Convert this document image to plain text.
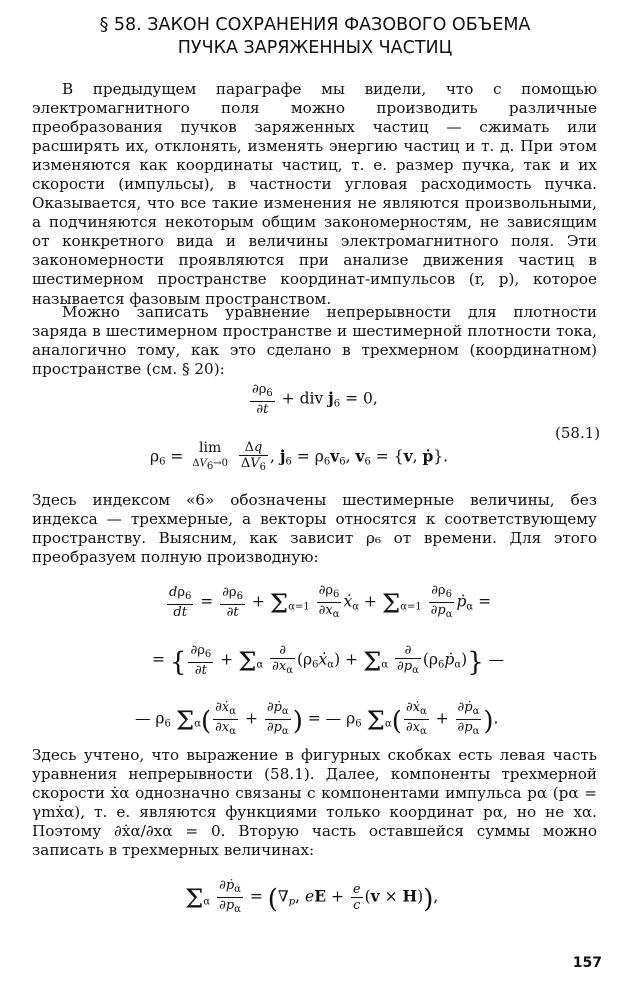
§ 58. ЗАКОН СОХРАНЕНИЯ ФАЗОВОГО ОБЪЕМА
ПУЧКА ЗАРЯЖЕННЫХ ЧАСТИЦ
В предыдущем параграфе мы видели, что с помощью электромагнитного поля можно производить различные преобразования пучков заряженных частиц — сжимать или расширять их, отклонять, изменять энергию частиц и т. д. При этом изменяются как координаты частиц, т. е. размер пучка, так и их скорости (импульсы), в частности угловая расходимость пучка. Оказывается, что все такие изменения не являются произвольными, а подчиняются некоторым общим закономерностям, не зависящим от конкретного вида и величины электромагнитного поля. Эти закономерности проявляются при анализе движения частиц в шестимерном пространстве координат-импульсов (r, p), которое называется фазовым пространством.
Можно записать уравнение непрерывности для плотности заряда в шестимерном пространстве и шестимерной плотности тока, аналогично тому, как это сделано в трехмерном (координатном) пространстве (см. § 20):
$\frac{\partial\rho_6}{\partial t}$ + div $j_6 = 0$,
$\rho_6 = \lim$
ΔV6→0
$\frac{\Delta q}{\Delta V_6}$ , $j_6 = \rho_6v_6$, $v_6 = \{v$, ṗ}.
(58.1)
Здесь индексом «6» обозначены шестимерные величины, без индекса — трехмерные, а векторы относятся к соответствующему пространству. Выясним, как зависит ρ₆ от времени. Для этого преобразуем полную производную:
$\frac{d\rho_6}{dt} = \frac{\partial\rho_6}{\partial t} + \Sigma_{\alpha=1} \frac{\partial\rho_6}{\partial x_\alpha}$ ẋ$_\alpha$ + $\Sigma_{\alpha=1} \frac{\partial\rho_6}{\partial p_\alpha}$ ṗ$_\alpha$ =
= { $\frac{\partial\rho_6}{\partial t} + \Sigma_\alpha \frac{\partial}{\partial x_\alpha}$ $(\rho_6ẋ_\alpha) + \Sigma_\alpha \frac{\partial}{\partial p_\alpha}$ $(\rho_6ṗ_\alpha)$} —
— $\rho_6$ $\Sigma_\alpha( \frac{\partial ẋ_\alpha}{\partial x_\alpha} + \frac{\partial ṗ_\alpha}{\partial p_\alpha}$ ) = — $\rho_6$ $\Sigma_\alpha( \frac{\partial ẋ_\alpha}{\partial x_\alpha} + \frac{\partial ṗ_\alpha}{\partial p_\alpha}$ ).
Здесь учтено, что выражение в фигурных скобках есть левая часть уравнения непрерывности (58.1). Далее, компоненты трехмерной скорости ẋα однозначно связаны с компонентами импульса pα (pα = γmẋα), т. е. являются функциями только координат pα, но не xα. Поэтому ∂ẋα/∂xα = 0. Вторую часть оставшейся суммы можно записать в трехмерных величинах:
$\Sigma_\alpha \frac{\partial ṗ_\alpha}{\partial p_\alpha} = (\nabla_p$, eE + $\frac{e}{c} (v \times H)$),
157
